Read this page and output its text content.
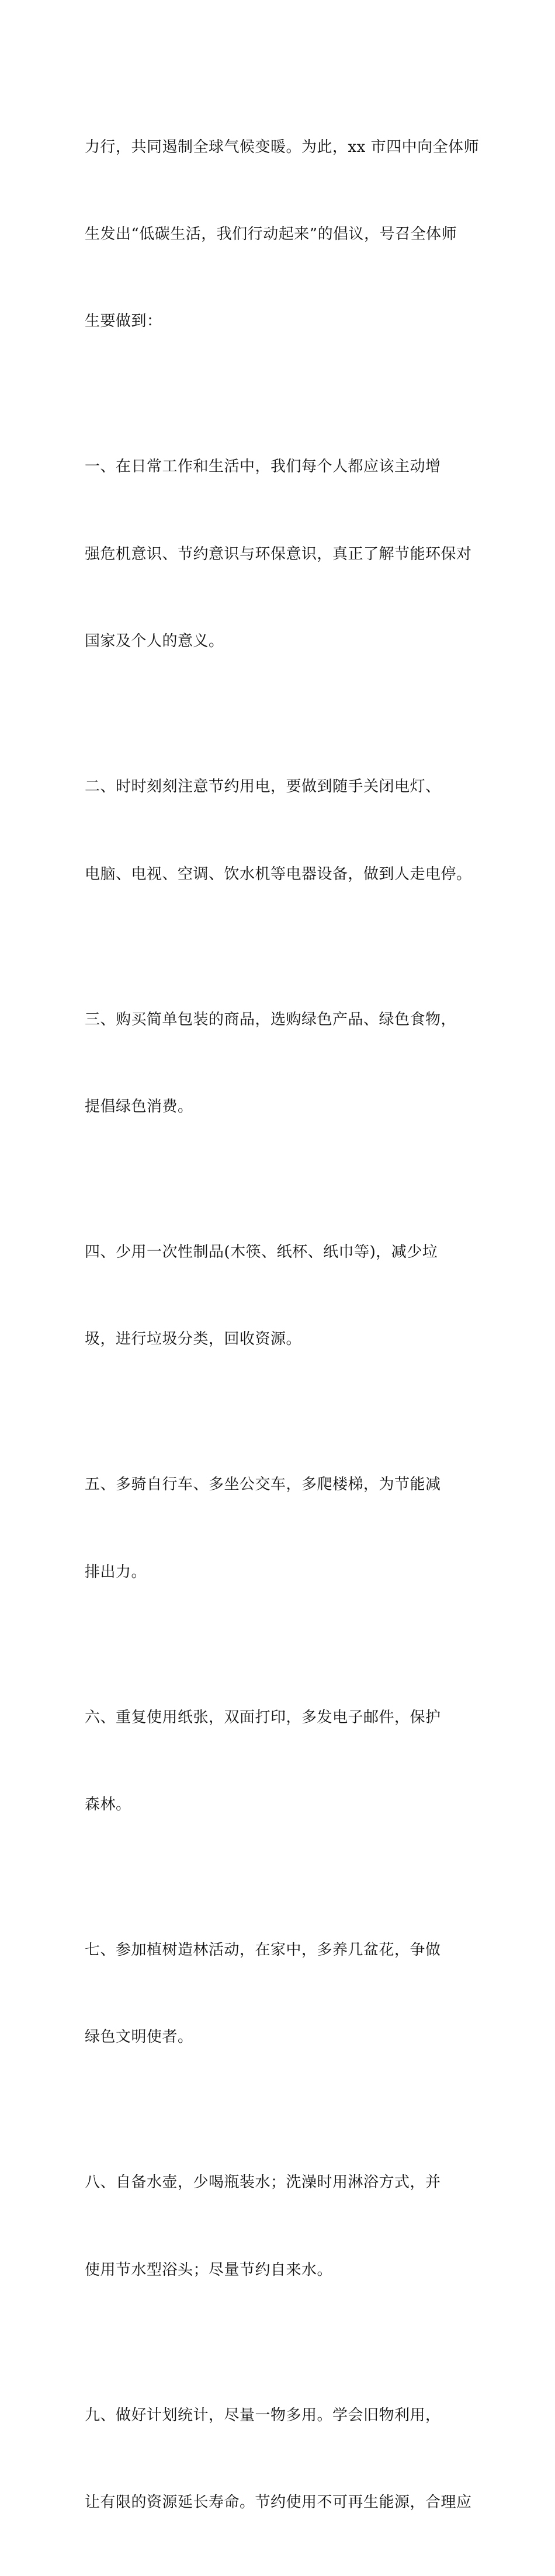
力行，共同遏制全球气候变暖。为此，xx 市四中向全体师

生发出“低碳生活，我们行动起来”的倡议，号召全体师

生要做到：

一、在日常工作和生活中，我们每个人都应该主动增

强危机意识、节约意识与环保意识，真正了解节能环保对

国家及个人的意义。

二、时时刻刻注意节约用电，要做到随手关闭电灯、

电脑、电视、空调、饮水机等电器设备，做到人走电停。

三、购买简单包装的商品，选购绿色产品、绿色食物，

提倡绿色消费。

四、少用一次性制品(木筷、纸杯、纸巾等)，减少垃

圾，进行垃圾分类，回收资源。

五、多骑自行车、多坐公交车，多爬楼梯，为节能减

排出力。

六、重复使用纸张，双面打印，多发电子邮件，保护

森林。

七、参加植树造林活动，在家中，多养几盆花，争做

绿色文明使者。

八、自备水壶，少喝瓶装水；洗澡时用淋浴方式，并

使用节水型浴头；尽量节约自来水。

九、做好计划统计，尽量一物多用。学会旧物利用，

让有限的资源延长寿命。节约使用不可再生能源，合理应
